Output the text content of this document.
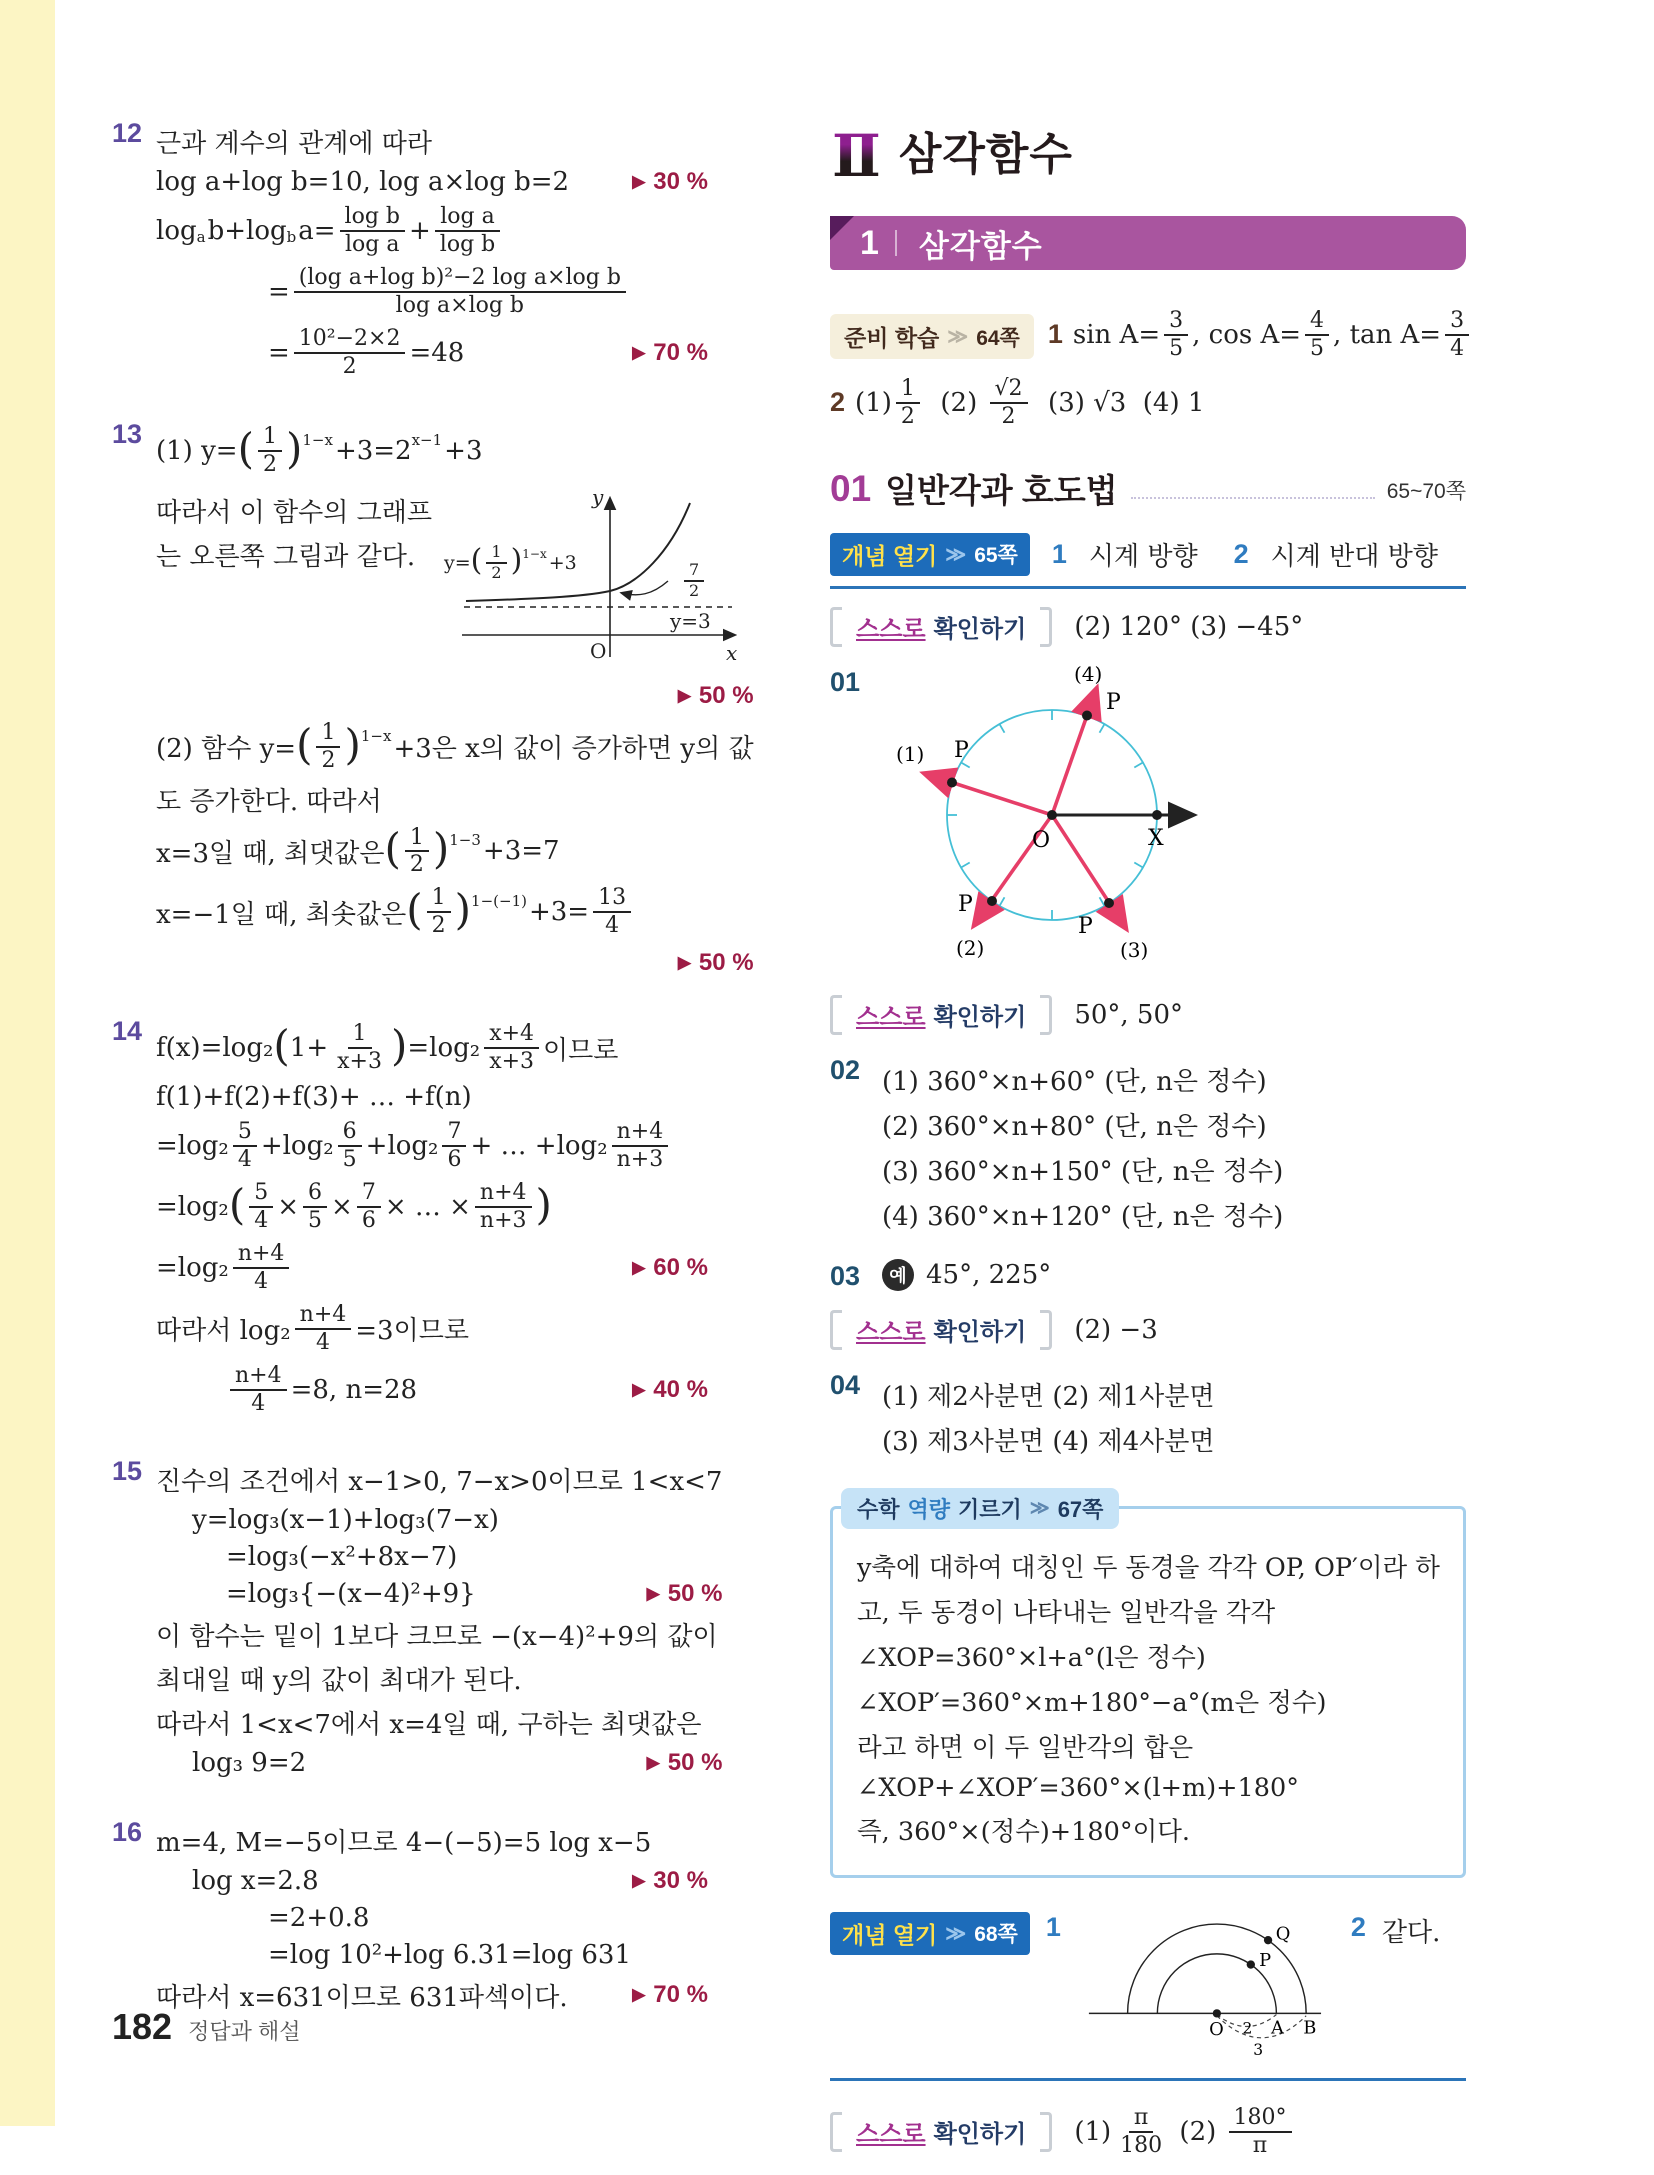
12 근과 계수의 관계에 따라
log a+log b=10, log a×log b=2	▶ 30 %
log a b+log b $a= \frac{\text{log b}}{\text{log a}} + \frac{\text{log a}}{\text{log b}}$
= $\frac{\text{(log a+log b)²−2 log a×log b}}{\text{log a×log b}}$
= $\frac{\text{10²−2×2}}{2} =48$	▶ 70 %
13
(1) y= ( $\frac{1}{2}$ ) 1−x +3=2 x−1 +3
따라서 이 함수의 그래프
는 오른쪽 그림과 같다.
y
x
O
y=3
y= ( $\frac{1}{2}$ ) 1−x +3	$\frac{7}{2}$
▶ 50 %
(2) 함수 y= ( $\frac{1}{2}$ ) 1−x +3은 x의 값이 증가하면 y의 값
도 증가한다. 따라서
x=3일 때, 최댓값은 ( $\frac{1}{2}$ ) 1−3 +3=7
x=−1일 때, 최솟값은 ( $\frac{1}{2}$ ) $1-(-1) +3= \frac{13}{4}$
▶ 50 %
14
f(x)=log₂ ( $1+ \frac{1}{x+3}$ ) $=\log_2 \frac{x+4}{x+3}$ 이므로
f(1)+f(2)+f(3)+ … +f(n)
$=\log_2 \frac{5}{4} +\log_2 \frac{6}{5} +\log_2 \frac{7}{6}$ + … $+\log_2 \frac{n+4}{n+3}$
=log₂ ( $\frac{5}{4} \times \frac{6}{5} \times \frac{7}{6}$ × … × $\frac{n+4}{n+3}$ )
$=\log_2 \frac{n+4}{4}$	▶ 60 %
따라서 $\log_2 \frac{n+4}{4} =3$이므로
$\frac{n+4}{4} =8$, n=28	▶ 40 %
15 진수의 조건에서 x−1>0, 7−x>0이므로 1<x<7
y=log₃(x−1)+log₃(7−x)
=log₃(−x²+8x−7)
=log₃{−(x−4)²+9}	▶ 50 %
이 함수는 밑이 1보다 크므로 −(x−4)²+9의 값이
최대일 때 y의 값이 최대가 된다.
따라서 1<x<7에서 x=4일 때, 구하는 최댓값은
log₃ 9=2	▶ 50 %
16 m=4, M=−5이므로 4−(−5)=5 log x−5
log x=2.8	▶ 30 %
=2+0.8
=log 10²+log 6.31=log 631
따라서 x=631이므로 631파섹이다.	▶ 70 %
Ⅱ 삼각함수
1 삼각함수
준비 학습 ≫ 64쪽 1 $\sin A= \frac{3}{5}$ , $\cos A= \frac{4}{5}$ , $\tan A= \frac{3}{4}$
2 $(1) \frac{1}{2} (2) \frac{√2}{2} (3)$ √3  (4) 1
01 일반각과 호도법	65~70쪽
개념 열기 ≫ 65쪽 1 시계 방향 2 시계 반대 방향
스스로 확인하기 (2) 120° (3) −45°
01
(1) P
(4)
P
P
(2)
P
(3)
O	X
스스로 확인하기 50°, 50°
02 (1) 360°×n+60° (단, n은 정수)
(2) 360°×n+80° (단, n은 정수)
(3) 360°×n+150° (단, n은 정수)
(4) 360°×n+120° (단, n은 정수)
03	예 45°, 225°
스스로 확인하기 (2) −3
04 (1) 제2사분면 (2) 제1사분면
(3) 제3사분면 (4) 제4사분면
수학 역량 기르기 ≫ 67쪽
y축에 대하여 대칭인 두 동경을 각각 OP, OP′이라 하
고, 두 동경이 나타내는 일반각을 각각
∠XOP=360°×l+a°(l은 정수)
∠XOP′=360°×m+180°−a°(m은 정수)
라고 하면 이 두 일반각의 합은
∠XOP+∠XOP′=360°×(l+m)+180°
즉, 360°×(정수)+180°이다.
개념 열기 ≫ 68쪽 1	Q
P
O A B
2
3
2 같다.
스스로 확인하기 $(1) \frac{\pi}{180} (2) \frac{180^\circ}{\pi}$
182 정답과 해설
